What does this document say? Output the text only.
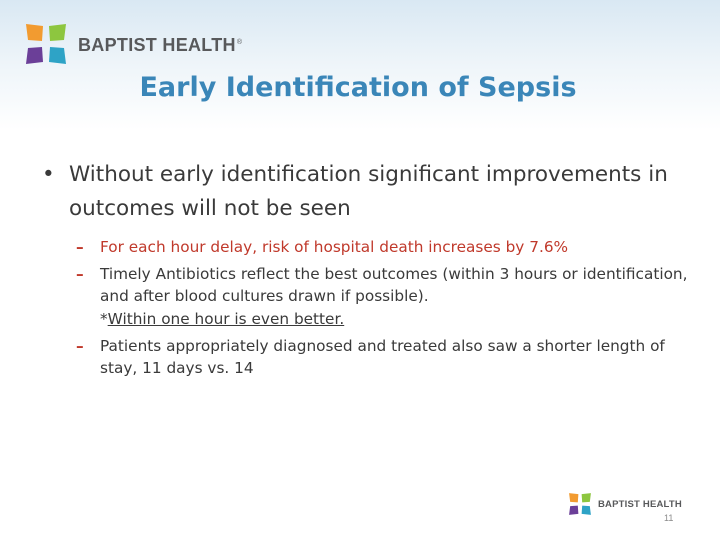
BAPTIST HEALTH®
Early Identification of Sepsis
• Without early identification significant improvements in outcomes will not be seen
– For each hour delay, risk of hospital death increases by 7.6%
– Timely Antibiotics reflect the best outcomes (within 3 hours or identification, and after blood cultures drawn if possible).
*Within one hour is even better.
– Patients appropriately diagnosed and treated also saw a shorter length of stay, 11 days vs. 14
BAPTIST HEALTH
11
